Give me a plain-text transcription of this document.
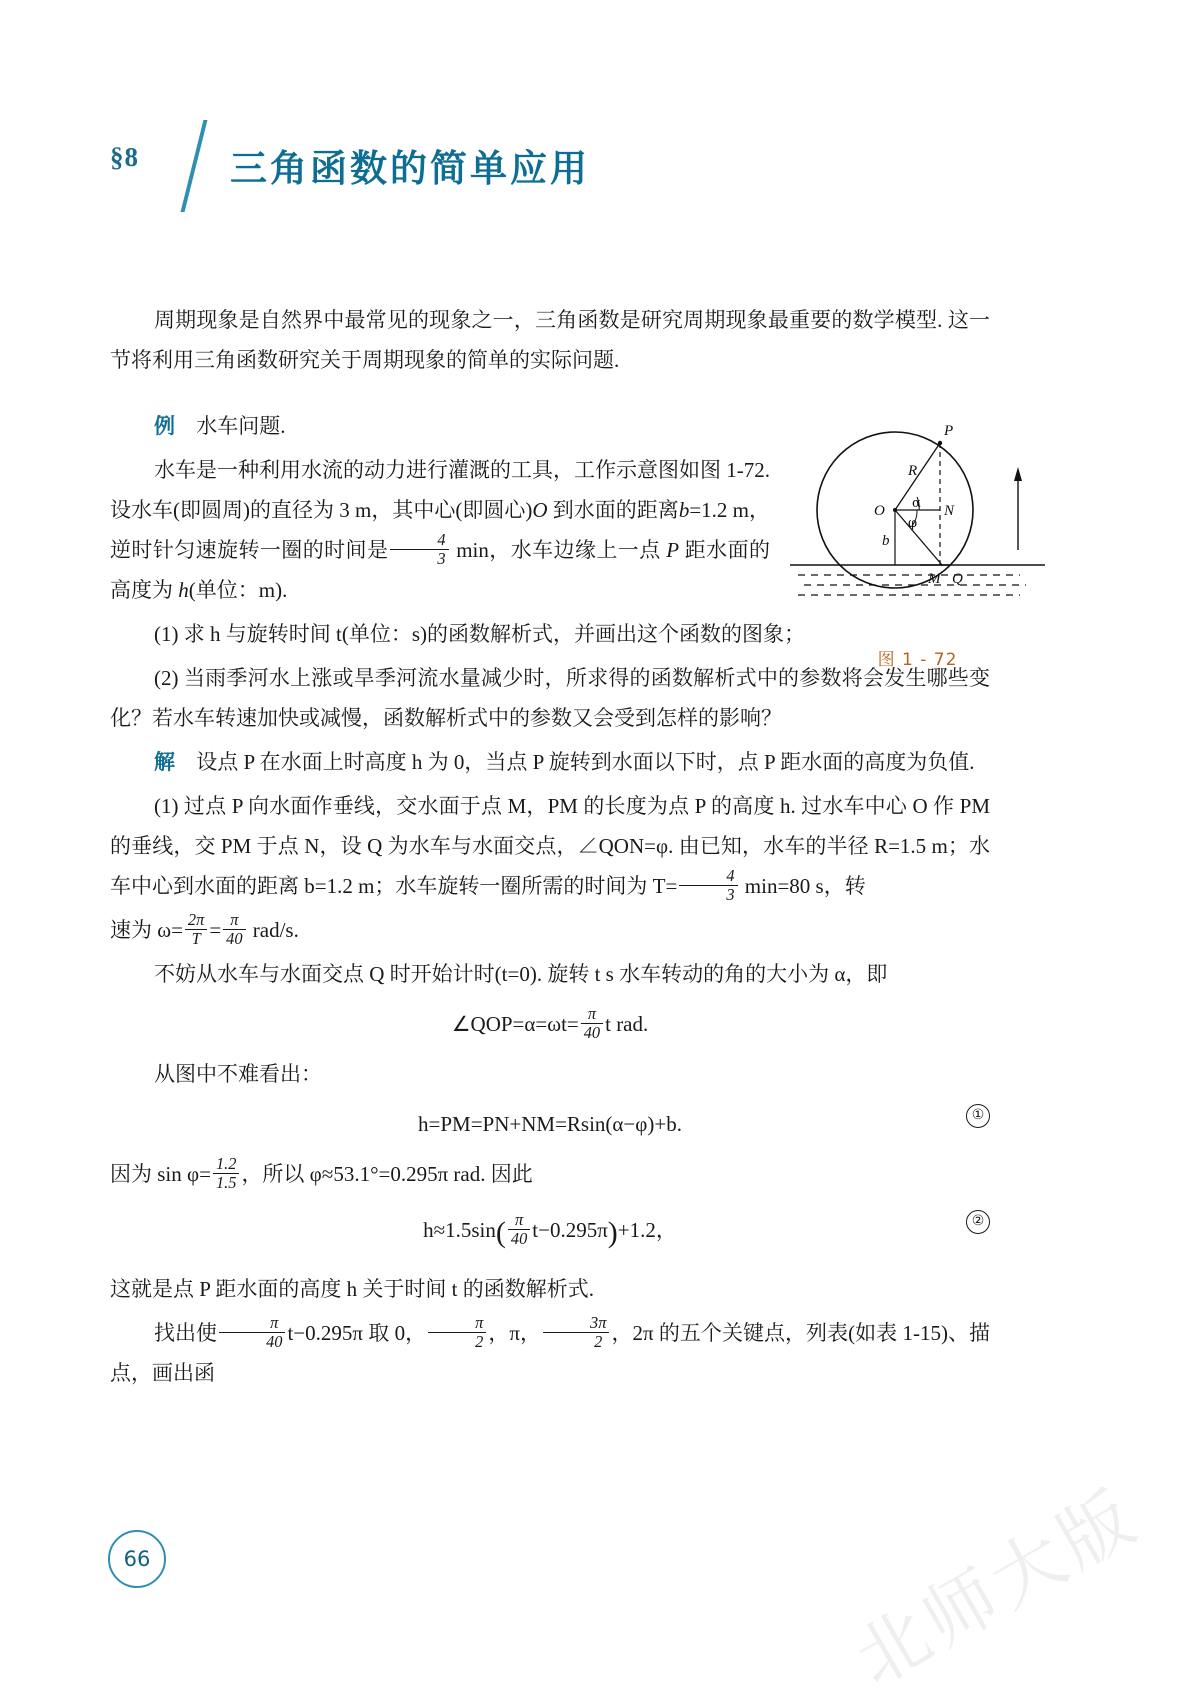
§8 三角函数的简单应用
P
R
O α
φ
N
b
M Q
图 1 - 72

周期现象是自然界中最常见的现象之一，三角函数是研究周期现象最重要的数学模型. 这一节将利用三角函数研究关于周期现象的简单的实际问题.

例 水车问题.

水车是一种利用水流的动力进行灌溉的工具，工作示意图如图 1-72. 设水车(即圆周)的直径为 3 m，其中心(即圆心)O 到水面的距离b=1.2 m，逆时针匀速旋转一圈的时间是 $\frac{4}{3}$ min，水车边缘上一点 P 距水面的高度为 h(单位：m).

(1) 求 h 与旋转时间 t(单位：s)的函数解析式，并画出这个函数的图象；

(2) 当雨季河水上涨或旱季河流水量减少时，所求得的函数解析式中的参数将会发生哪些变化？若水车转速加快或减慢，函数解析式中的参数又会受到怎样的影响？

解 设点 P 在水面上时高度 h 为 0，当点 P 旋转到水面以下时，点 P 距水面的高度为负值.

(1) 过点 P 向水面作垂线，交水面于点 M，PM 的长度为点 P 的高度 h. 过水车中心 O 作 PM 的垂线，交 PM 于点 N，设 Q 为水车与水面交点，∠QON=φ. 由已知，水车的半径 R=1.5 m；水车中心到水面的距离 b=1.2 m；水车旋转一圈所需的时间为 $T= \frac{4}{3} \min=80$ s，转

速为 $\omega= \frac{2\pi}{T} = \frac{\pi}{40} rad/s$.

不妨从水车与水面交点 Q 时开始计时(t=0). 旋转 t s 水车转动的角的大小为 α，即

∠QOP=α=ωt= $\frac{\pi}{40}$ t rad.

从图中不难看出：

h=PM=PN+NM=Rsin(α−φ)+b.	①

因为 $\sin \varphi= \frac{1.2}{1.5}$ ，所以 φ≈53.1°=0.295π rad. 因此

$h\approx 1.5\sin( \frac{\pi}{40} t-0.295\pi)+1.2$，	②

这就是点 P 距水面的高度 h 关于时间 t 的函数解析式.

找出使 $\frac{\pi}{40} t-0.295\pi$ 取 0， $\frac{\pi}{2}$ ，π， $\frac{3\pi}{2}$ ，2π 的五个关键点，列表(如表 1-15)、描点，画出函

66	北师大版
